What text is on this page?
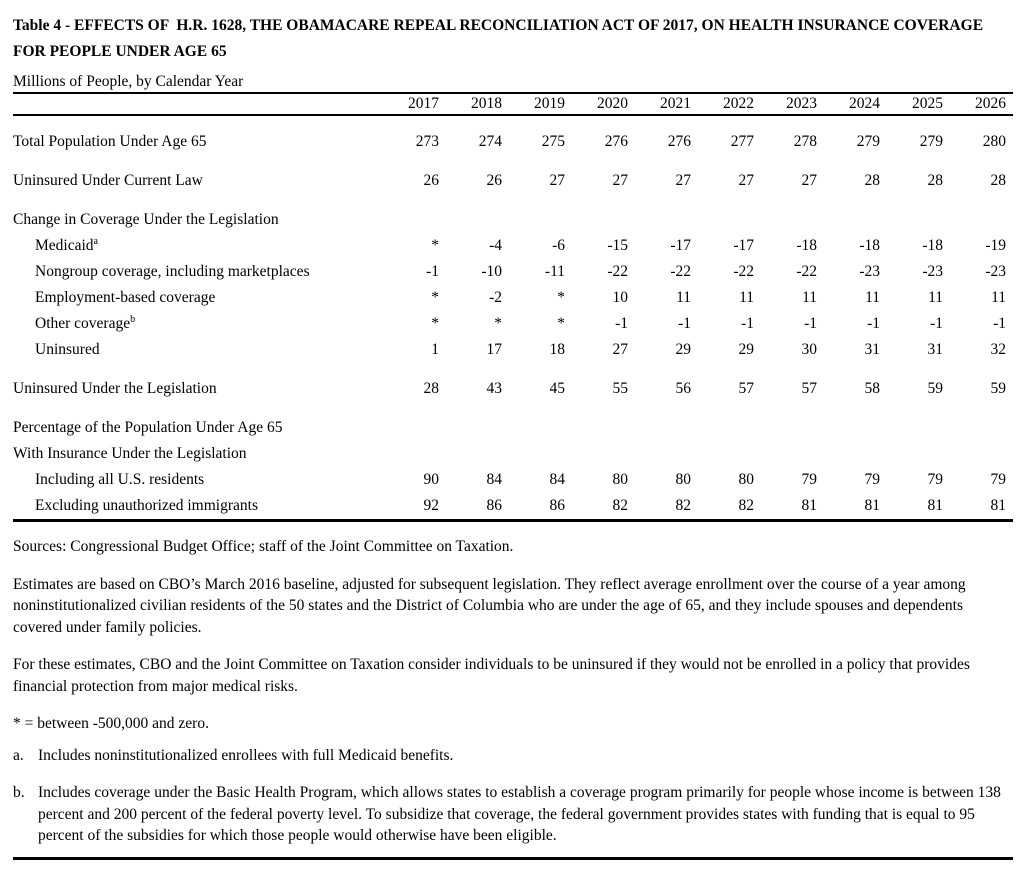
Table 4 - EFFECTS OF  H.R. 1628, THE OBAMACARE REPEAL RECONCILIATION ACT OF 2017, ON HEALTH INSURANCE COVERAGE FOR PEOPLE UNDER AGE 65
Millions of People, by Calendar Year
2017	2018	2019	2020	2021	2022	2023	2024	2025	2026
Total Population Under Age 65	273	274	275	276	276	277	278	279	279	280
Uninsured Under Current Law	26	26	27	27	27	27	27	28	28	28
Change in Coverage Under the Legislation
Medicaid$^a$	*	-4	-6	-15	-17	-17	-18	-18	-18	-19
Nongroup coverage, including marketplaces	-1	-10	-11	-22	-22	-22	-22	-23	-23	-23
Employment-based coverage	*	-2	*	10	11	11	11	11	11	11
Other coverage$^b$	*	*	*	-1	-1	-1	-1	-1	-1	-1
Uninsured	1	17	18	27	29	29	30	31	31	32
Uninsured Under the Legislation	28	43	45	55	56	57	57	58	59	59
Percentage of the Population Under Age 65
With Insurance Under the Legislation
Including all U.S. residents	90	84	84	80	80	80	79	79	79	79
Excluding unauthorized immigrants	92	86	86	82	82	82	81	81	81	81
Sources: Congressional Budget Office; staff of the Joint Committee on Taxation.
Estimates are based on CBO’s March 2016 baseline, adjusted for subsequent legislation. They reflect average enrollment over the course of a year among noninstitutionalized civilian residents of the 50 states and the District of Columbia who are under the age of 65, and they include spouses and dependents covered under family policies.
For these estimates, CBO and the Joint Committee on Taxation consider individuals to be uninsured if they would not be enrolled in a policy that provides financial protection from major medical risks.
* = between -500,000 and zero.
a. Includes noninstitutionalized enrollees with full Medicaid benefits.
b. Includes coverage under the Basic Health Program, which allows states to establish a coverage program primarily for people whose income is between 138 percent and 200 percent of the federal poverty level. To subsidize that coverage, the federal government provides states with funding that is equal to 95 percent of the subsidies for which those people would otherwise have been eligible.
